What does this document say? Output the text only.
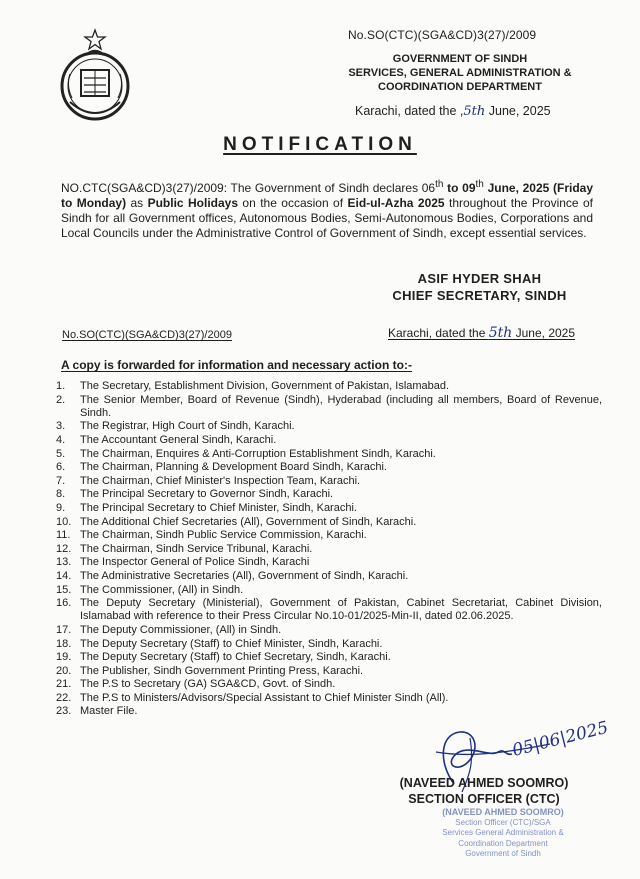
No.SO(CTC)(SGA&CD)3(27)/2009
GOVERNMENT OF SINDH
SERVICES, GENERAL ADMINISTRATION &
COORDINATION DEPARTMENT
Karachi, dated the ,5th June, 2025
NOTIFICATION
NO.CTC(SGA&CD)3(27)/2009: The Government of Sindh declares 06th to 09th June, 2025 (Friday to Monday) as Public Holidays on the occasion of Eid-ul-Azha 2025 throughout the Province of Sindh for all Government offices, Autonomous Bodies, Semi-Autonomous Bodies, Corporations and Local Councils under the Administrative Control of Government of Sindh, except essential services.
ASIF HYDER SHAH
CHIEF SECRETARY, SINDH
No.SO(CTC)(SGA&CD)3(27)/2009	Karachi, dated the 5th June, 2025
A copy is forwarded for information and necessary action to:-
1.	The Secretary, Establishment Division, Government of Pakistan, Islamabad.
2.	The Senior Member, Board of Revenue (Sindh), Hyderabad (including all members, Board of Revenue, Sindh.
3.	The Registrar, High Court of Sindh, Karachi.
4.	The Accountant General Sindh, Karachi.
5.	The Chairman, Enquires & Anti-Corruption Establishment Sindh, Karachi.
6.	The Chairman, Planning & Development Board Sindh, Karachi.
7.	The Chairman, Chief Minister's Inspection Team, Karachi.
8.	The Principal Secretary to Governor Sindh, Karachi.
9.	The Principal Secretary to Chief Minister, Sindh, Karachi.
10. The Additional Chief Secretaries (All), Government of Sindh, Karachi.
11. The Chairman, Sindh Public Service Commission, Karachi.
12. The Chairman, Sindh Service Tribunal, Karachi.
13. The Inspector General of Police Sindh, Karachi
14. The Administrative Secretaries (All), Government of Sindh, Karachi.
15. The Commissioner, (All) in Sindh.
16. The Deputy Secretary (Ministerial), Government of Pakistan, Cabinet Secretariat, Cabinet Division, Islamabad with reference to their Press Circular No.10-01/2025-Min-II, dated 02.06.2025.
17. The Deputy Commissioner, (All) in Sindh.
18. The Deputy Secretary (Staff) to Chief Minister, Sindh, Karachi.
19. The Deputy Secretary (Staff) to Chief Secretary, Sindh, Karachi.
20. The Publisher, Sindh Government Printing Press, Karachi.
21. The P.S to Secretary (GA) SGA&CD, Govt. of Sindh.
22. The P.S to Ministers/Advisors/Special Assistant to Chief Minister Sindh (All).
23. Master File.
05|06|2025
(NAVEED AHMED SOOMRO)
SECTION OFFICER (CTC)
(NAVEED AHMED SOOMRO)
Section Officer (CTC)/SGA
Services General Administration &
Coordination Department
Government of Sindh
